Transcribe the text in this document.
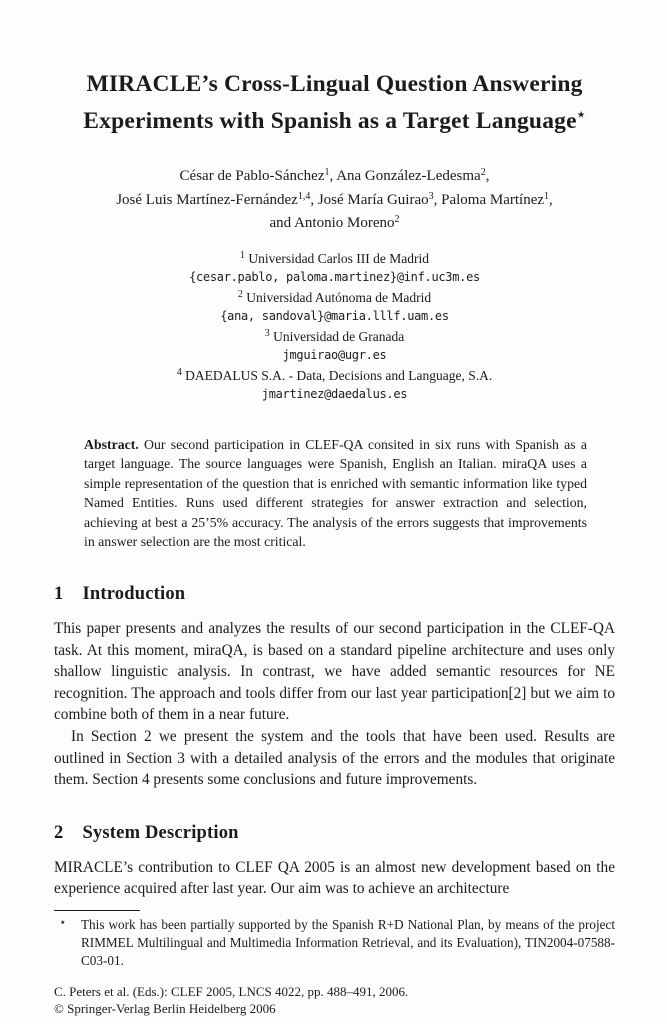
MIRACLE’s Cross-Lingual Question Answering
Experiments with Spanish as a Target Language⋆
César de Pablo-Sánchez$^1$, Ana González-Ledesma$^2$,
José Luis Martínez-Fernández$^{1,4}$, José María Guirao$^3$, Paloma Martínez$^1$,
and Antonio Moreno$^2$
$^1$ Universidad Carlos III de Madrid
{cesar.pablo, paloma.martinez}@inf.uc3m.es
$^2$ Universidad Autónoma de Madrid
{ana, sandoval}@maria.lllf.uam.es
$^3$ Universidad de Granada
jmguirao@ugr.es
$^4$ DAEDALUS S.A. - Data, Decisions and Language, S.A.
jmartinez@daedalus.es
Abstract. Our second participation in CLEF-QA consited in six runs with Spanish as a target language. The source languages were Spanish, English an Italian. miraQA uses a simple representation of the question that is enriched with semantic information like typed Named Entities. Runs used different strategies for answer extraction and selection, achieving at best a 25’5% accuracy. The analysis of the errors suggests that improvements in answer selection are the most critical.
1 Introduction

This paper presents and analyzes the results of our second participation in the CLEF-QA task. At this moment, miraQA, is based on a standard pipeline architecture and uses only shallow linguistic analysis. In contrast, we have added semantic resources for NE recognition. The approach and tools differ from our last year participation[2] but we aim to combine both of them in a near future.

In Section 2 we present the system and the tools that have been used. Results are outlined in Section 3 with a detailed analysis of the errors and the modules that originate them. Section 4 presents some conclusions and future improvements.

2 System Description

MIRACLE’s contribution to CLEF QA 2005 is an almost new development based on the experience acquired after last year. Our aim was to achieve an architecture

⋆ This work has been partially supported by the Spanish R+D National Plan, by means of the project RIMMEL Multilingual and Multimedia Information Retrieval, and its Evaluation), TIN2004-07588-C03-01.
C. Peters et al. (Eds.): CLEF 2005, LNCS 4022, pp. 488–491, 2006.
© Springer-Verlag Berlin Heidelberg 2006
